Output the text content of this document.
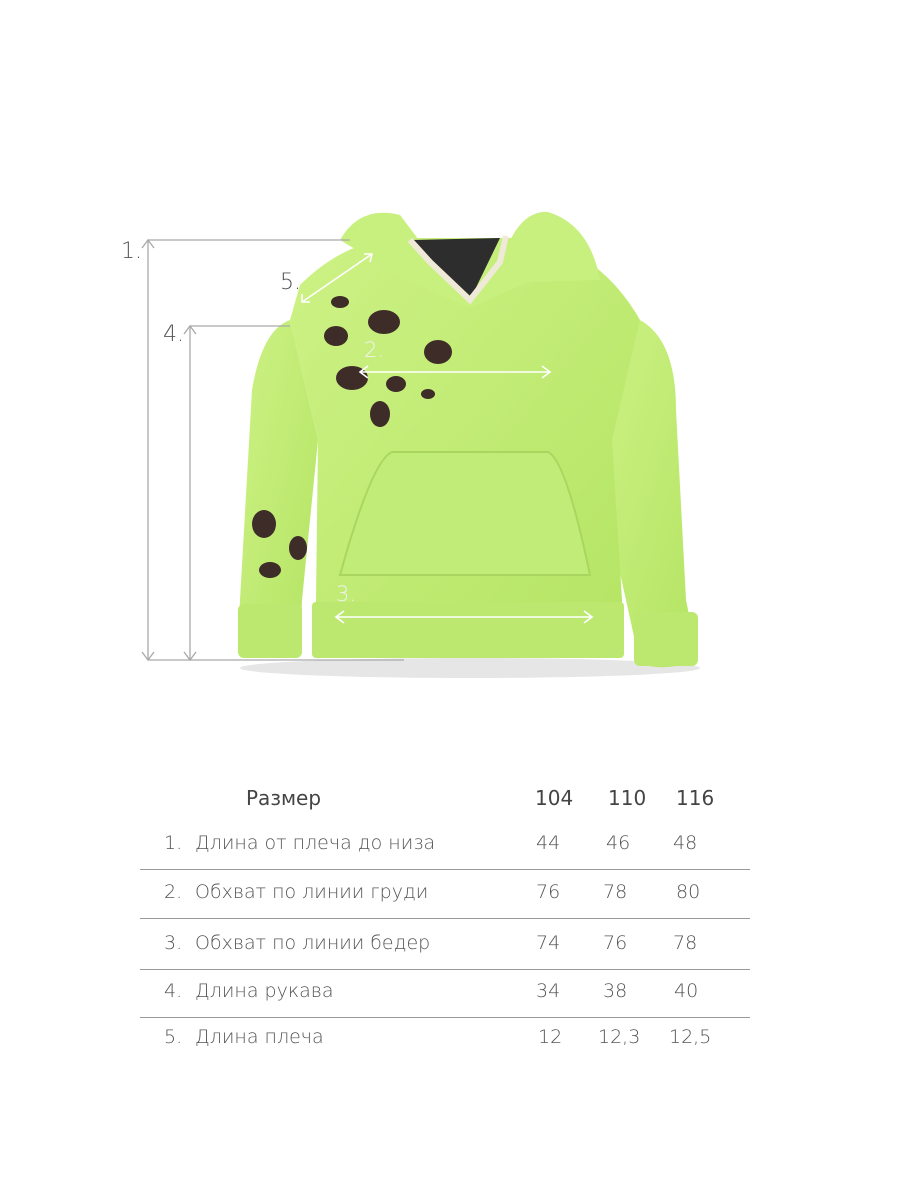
1.
2.
3.
4.
5.
Размер	104 110 116
1. Длина от плеча до низа	44 46 48
2. Обхват по линии груди	76 78	80
3. Обхват по линии бедер	74 76 78
4. Длина рукава	34 38 40
5. Длина плеча	12 12,3 12,5
